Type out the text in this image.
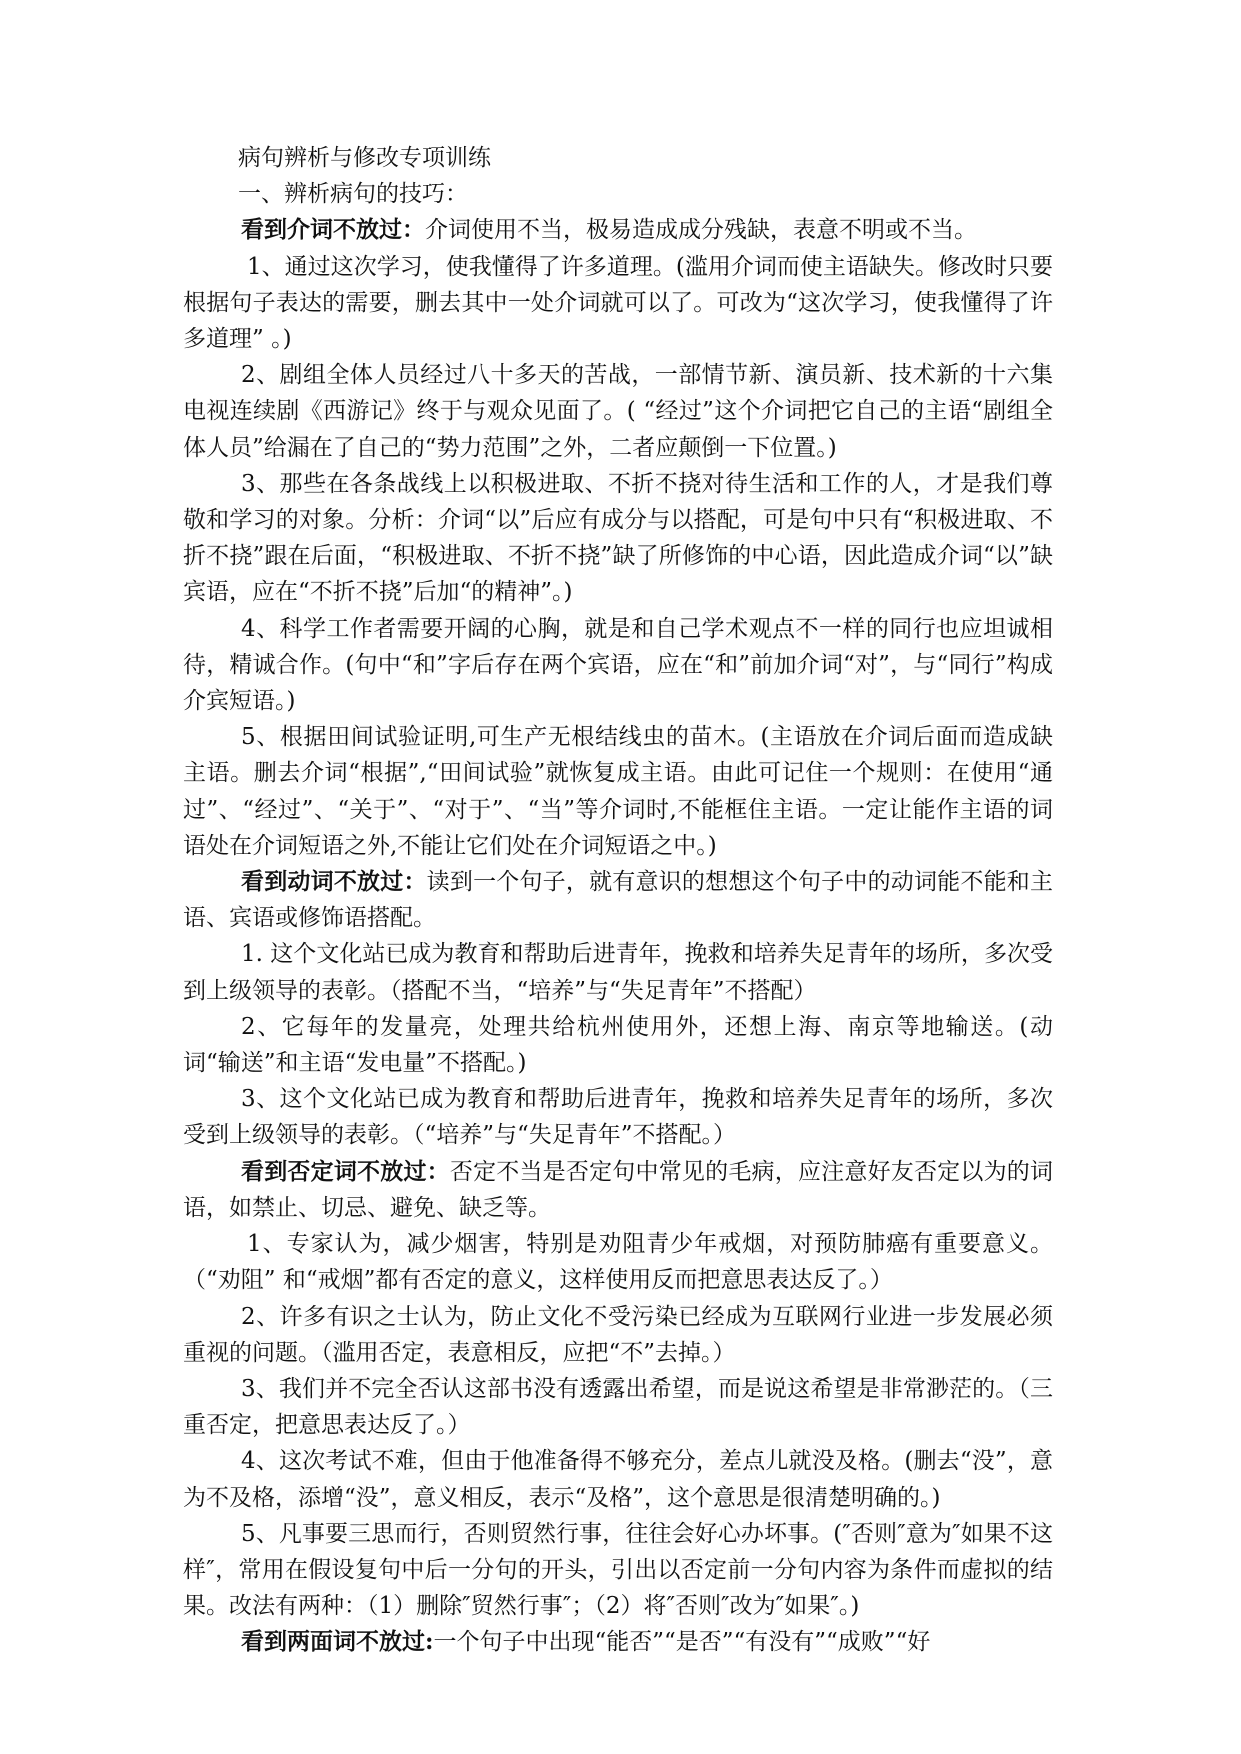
病句辨析与修改专项训练

一、辨析病句的技巧：

看到介词不放过：介词使用不当，极易造成成分残缺，表意不明或不当。

1、通过这次学习，使我懂得了许多道理。(滥用介词而使主语缺失。修改时只要根据句子表达的需要，删去其中一处介词就可以了。可改为“这次学习，使我懂得了许多道理” 。)

2、剧组全体人员经过八十多天的苦战，一部情节新、演员新、技术新的十六集电视连续剧《西游记》终于与观众见面了。( “经过”这个介词把它自己的主语“剧组全体人员”给漏在了自己的“势力范围”之外，二者应颠倒一下位置。)

3、那些在各条战线上以积极进取、不折不挠对待生活和工作的人，才是我们尊敬和学习的对象。分析：介词“以”后应有成分与以搭配，可是句中只有“积极进取、不折不挠”跟在后面，“积极进取、不折不挠”缺了所修饰的中心语，因此造成介词“以”缺宾语，应在“不折不挠”后加“的精神”。)

4、科学工作者需要开阔的心胸，就是和自己学术观点不一样的同行也应坦诚相待，精诚合作。(句中“和”字后存在两个宾语，应在“和”前加介词“对”，与“同行”构成介宾短语。)

5、根据田间试验证明,可生产无根结线虫的苗木。(主语放在介词后面而造成缺主语。删去介词“根据”,“田间试验”就恢复成主语。由此可记住一个规则：在使用“通过”、“经过”、“关于”、“对于”、“当”等介词时,不能框住主语。一定让能作主语的词语处在介词短语之外,不能让它们处在介词短语之中。)

看到动词不放过：读到一个句子，就有意识的想想这个句子中的动词能不能和主语、宾语或修饰语搭配。

1. 这个文化站已成为教育和帮助后进青年，挽救和培养失足青年的场所，多次受到上级领导的表彰。（搭配不当，“培养”与“失足青年”不搭配）

2、它每年的发量亮，处理共给杭州使用外，还想上海、南京等地输送。(动词“输送”和主语“发电量”不搭配。)

3、这个文化站已成为教育和帮助后进青年，挽救和培养失足青年的场所，多次受到上级领导的表彰。（“培养”与“失足青年”不搭配。）

看到否定词不放过：否定不当是否定句中常见的毛病，应注意好友否定以为的词语，如禁止、切忌、避免、缺乏等。

1、专家认为，减少烟害，特别是劝阻青少年戒烟，对预防肺癌有重要意义。（“劝阻” 和“戒烟”都有否定的意义，这样使用反而把意思表达反了。）

2、许多有识之士认为，防止文化不受污染已经成为互联网行业进一步发展必须重视的问题。（滥用否定，表意相反，应把“不”去掉。）

3、我们并不完全否认这部书没有透露出希望，而是说这希望是非常渺茫的。（三重否定，把意思表达反了。）

4、这次考试不难，但由于他准备得不够充分，差点儿就没及格。(删去“没”，意为不及格，添增“没”，意义相反，表示“及格”，这个意思是很清楚明确的。)

5、凡事要三思而行，否则贸然行事，往往会好心办坏事。(″否则″意为″如果不这样″，常用在假设复句中后一分句的开头，引出以否定前一分句内容为条件而虚拟的结果。改法有两种：（1）删除″贸然行事″；（2）将″否则″改为″如果″。)

看到两面词不放过:一个句子中出现“能否”“是否”“有没有”“成败”“好
